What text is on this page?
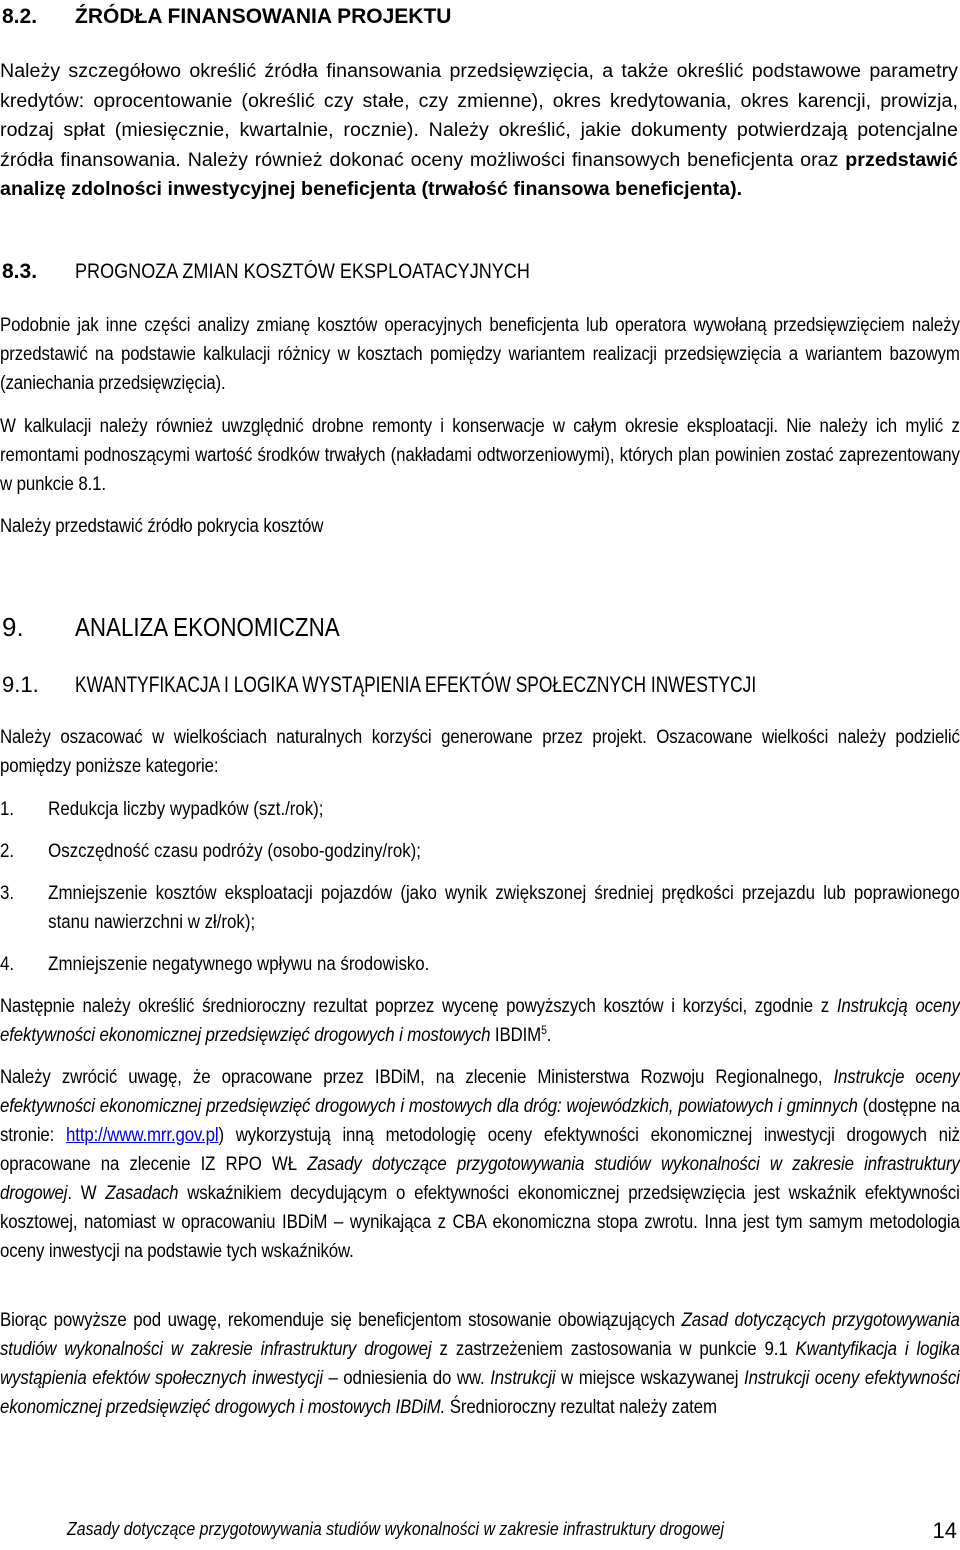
8.2. ŹRÓDŁA FINANSOWANIA PROJEKTU

Należy szczegółowo określić źródła finansowania przedsięwzięcia, a także określić podstawowe parametry kredytów: oprocentowanie (określić czy stałe, czy zmienne), okres kredytowania, okres karencji, prowizja, rodzaj spłat (miesięcznie, kwartalnie, rocznie). Należy określić, jakie dokumenty potwierdzają potencjalne źródła finansowania. Należy również dokonać oceny możliwości finansowych beneficjenta oraz przedstawić analizę zdolności inwestycyjnej beneficjenta (trwałość finansowa beneficjenta).

8.3. PROGNOZA ZMIAN KOSZTÓW EKSPLOATACYJNYCH

Podobnie jak inne części analizy zmianę kosztów operacyjnych beneficjenta lub operatora wywołaną przedsięwzięciem należy przedstawić na podstawie kalkulacji różnicy w kosztach pomiędzy wariantem realizacji przedsięwzięcia a wariantem bazowym (zaniechania przedsięwzięcia).

W kalkulacji należy również uwzględnić drobne remonty i konserwacje w całym okresie eksploatacji. Nie należy ich mylić z remontami podnoszącymi wartość środków trwałych (nakładami odtworzeniowymi), których plan powinien zostać zaprezentowany w punkcie 8.1.

Należy przedstawić źródło pokrycia kosztów

9. ANALIZA EKONOMICZNA
9.1. KWANTYFIKACJA I LOGIKA WYSTĄPIENIA EFEKTÓW SPOŁECZNYCH INWESTYCJI

Należy oszacować w wielkościach naturalnych korzyści generowane przez projekt. Oszacowane wielkości należy podzielić pomiędzy poniższe kategorie:

1. Redukcja liczby wypadków (szt./rok);
2. Oszczędność czasu podróży (osobo-godziny/rok);
3. Zmniejszenie kosztów eksploatacji pojazdów (jako wynik zwiększonej średniej prędkości przejazdu lub poprawionego stanu nawierzchni w zł/rok);
4. Zmniejszenie negatywnego wpływu na środowisko.

Następnie należy określić średnioroczny rezultat poprzez wycenę powyższych kosztów i korzyści, zgodnie z Instrukcją oceny efektywności ekonomicznej przedsięwzięć drogowych i mostowych IBDIM$^5$.

Należy zwrócić uwagę, że opracowane przez IBDiM, na zlecenie Ministerstwa Rozwoju Regionalnego, Instrukcje oceny efektywności ekonomicznej przedsięwzięć drogowych i mostowych dla dróg: wojewódzkich, powiatowych i gminnych (dostępne na stronie: http://www.mrr.gov.pl) wykorzystują inną metodologię oceny efektywności ekonomicznej inwestycji drogowych niż opracowane na zlecenie IZ RPO WŁ Zasady dotyczące przygotowywania studiów wykonalności w zakresie infrastruktury drogowej. W Zasadach wskaźnikiem decydującym o efektywności ekonomicznej przedsięwzięcia jest wskaźnik efektywności kosztowej, natomiast w opracowaniu IBDiM – wynikająca z CBA ekonomiczna stopa zwrotu. Inna jest tym samym metodologia oceny inwestycji na podstawie tych wskaźników.

Biorąc powyższe pod uwagę, rekomenduje się beneficjentom stosowanie obowiązujących Zasad dotyczących przygotowywania studiów wykonalności w zakresie infrastruktury drogowej z zastrzeżeniem zastosowania w punkcie 9.1 Kwantyfikacja i logika wystąpienia efektów społecznych inwestycji – odniesienia do ww. Instrukcji w miejsce wskazywanej Instrukcji oceny efektywności ekonomicznej przedsięwzięć drogowych i mostowych IBDiM. Średnioroczny rezultat należy zatem

Zasady dotyczące przygotowywania studiów wykonalności w zakresie infrastruktury drogowej	14
